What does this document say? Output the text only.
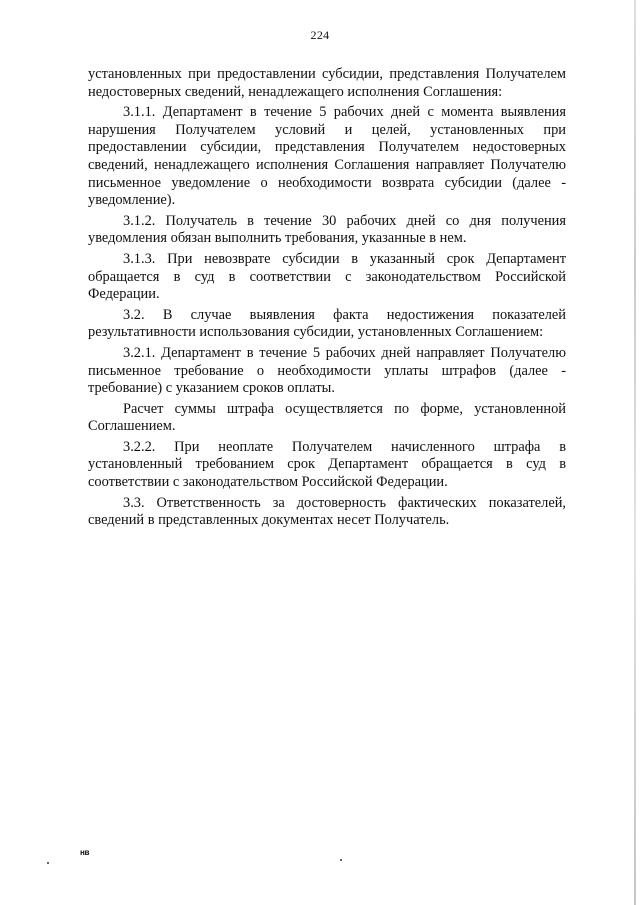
224

установленных при предоставлении субсидии, представления Получателем недостоверных сведений, ненадлежащего исполнения Соглашения:

3.1.1. Департамент в течение 5 рабочих дней с момента выявления нарушения Получателем условий и целей, установленных при предоставлении субсидии, представления Получателем недостоверных сведений, ненадлежащего исполнения Соглашения направляет Получателю письменное уведомление о необходимости возврата субсидии (далее - уведомление).

3.1.2. Получатель в течение 30 рабочих дней со дня получения уведомления обязан выполнить требования, указанные в нем.

3.1.3. При невозврате субсидии в указанный срок Департамент обращается в суд в соответствии с законодательством Российской Федерации.

3.2. В случае выявления факта недостижения показателей результативности использования субсидии, установленных Соглашением:

3.2.1. Департамент в течение 5 рабочих дней направляет Получателю письменное требование о необходимости уплаты штрафов (далее - требование) с указанием сроков оплаты.

Расчет суммы штрафа осуществляется по форме, установленной Соглашением.

3.2.2. При неоплате Получателем начисленного штрафа в установленный требованием срок Департамент обращается в суд в соответствии с законодательством Российской Федерации.

3.3. Ответственность за достоверность фактических показателей, сведений в представленных документах несет Получатель.

нв
